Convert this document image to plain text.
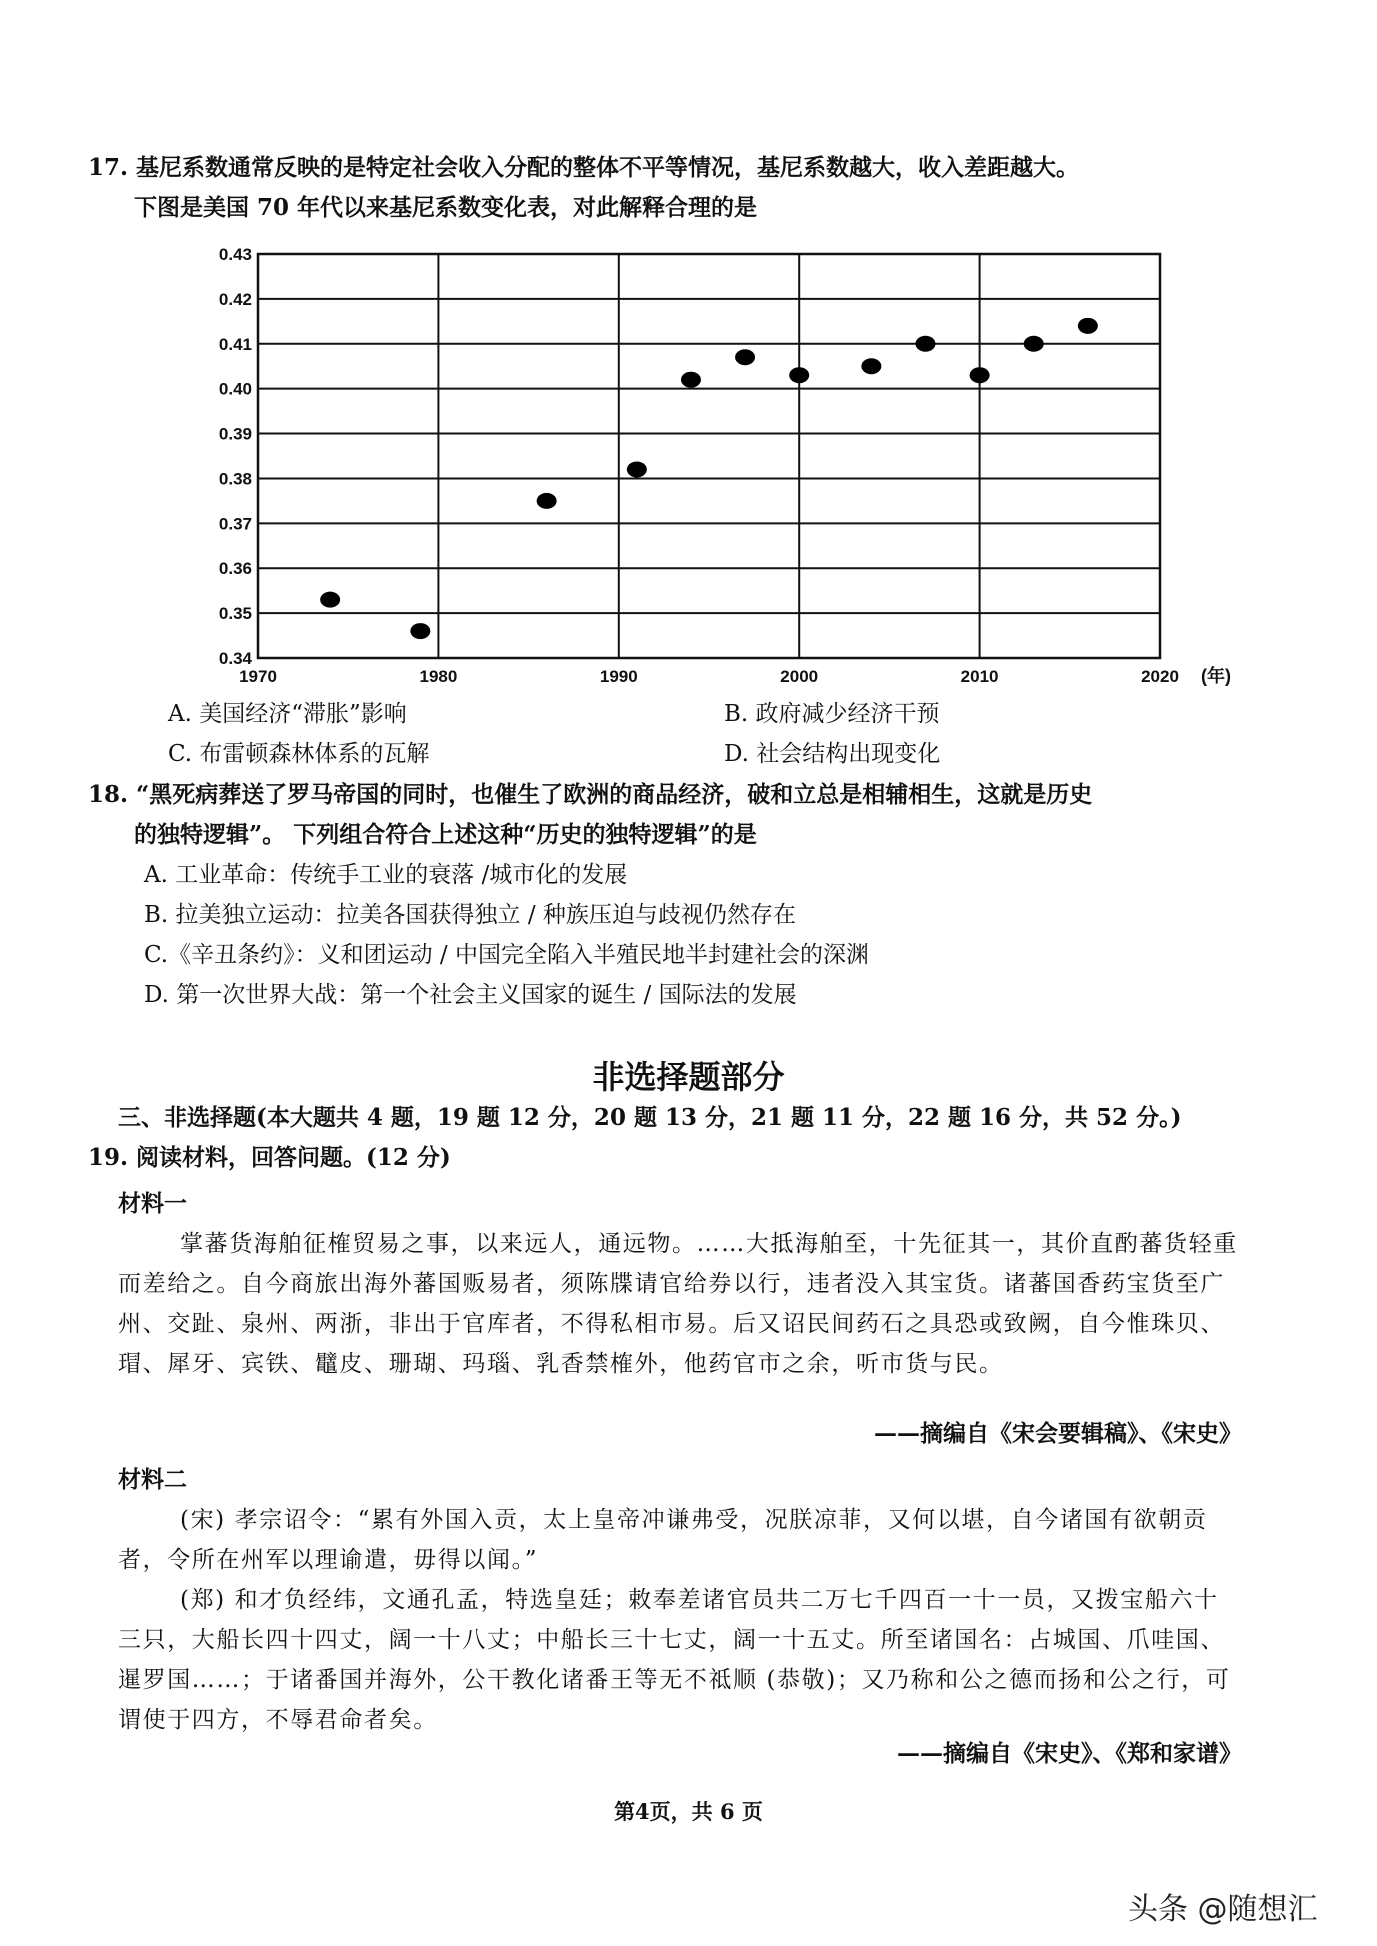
17. 基尼系数通常反映的是特定社会收入分配的整体不平等情况，基尼系数越大，收入差距越大。
下图是美国 70 年代以来基尼系数变化表，对此解释合理的是
0.34
0.35
0.36
0.37
0.38
0.39
0.40
0.41
0.42
0.43
1970	1980	1990	2000	2010	2020 (年)
A. 美国经济“滞胀”影响	B. 政府减少经济干预
C. 布雷顿森林体系的瓦解	D. 社会结构出现变化
18. “黑死病葬送了罗马帝国的同时，也催生了欧洲的商品经济，破和立总是相辅相生，这就是历史
的独特逻辑”。 下列组合符合上述这种“历史的独特逻辑”的是
A. 工业革命：传统手工业的衰落 /城市化的发展
B. 拉美独立运动：拉美各国获得独立 / 种族压迫与歧视仍然存在
C.《辛丑条约》：义和团运动 / 中国完全陷入半殖民地半封建社会的深渊
D. 第一次世界大战：第一个社会主义国家的诞生 / 国际法的发展
非选择题部分
三、非选择题(本大题共 4 题，19 题 12 分，20 题 13 分，21 题 11 分，22 题 16 分，共 52 分。)
19. 阅读材料，回答问题。(12 分)
材料一
掌蕃货海舶征榷贸易之事，以来远人，通远物。……大抵海舶至，十先征其一，其价直酌蕃货轻重而差给之。自今商旅出海外蕃国贩易者，须陈牒请官给券以行，违者没入其宝货。诸蕃国香药宝货至广州、交趾、泉州、两浙，非出于官库者，不得私相市易。后又诏民间药石之具恐或致阙，自今惟珠贝、瑁、犀牙、宾铁、鼊皮、珊瑚、玛瑙、乳香禁榷外，他药官市之余，听市货与民。
——摘编自《宋会要辑稿》、《宋史》
材料二
(宋) 孝宗诏令：“累有外国入贡，太上皇帝冲谦弗受，况朕凉菲，又何以堪，自今诸国有欲朝贡者，令所在州军以理谕遣，毋得以闻。”
(郑) 和才负经纬，文通孔孟，特选皇廷；敕奉差诸官员共二万七千四百一十一员，又拨宝船六十三只，大船长四十四丈，阔一十八丈；中船长三十七丈，阔一十五丈。所至诸国名：占城国、爪哇国、暹罗国……；于诸番国并海外，公干教化诸番王等无不祗顺 (恭敬)；又乃称和公之德而扬和公之行，可谓使于四方，不辱君命者矣。
——摘编自《宋史》、《郑和家谱》
第4页，共 6 页
头条 @随想汇
